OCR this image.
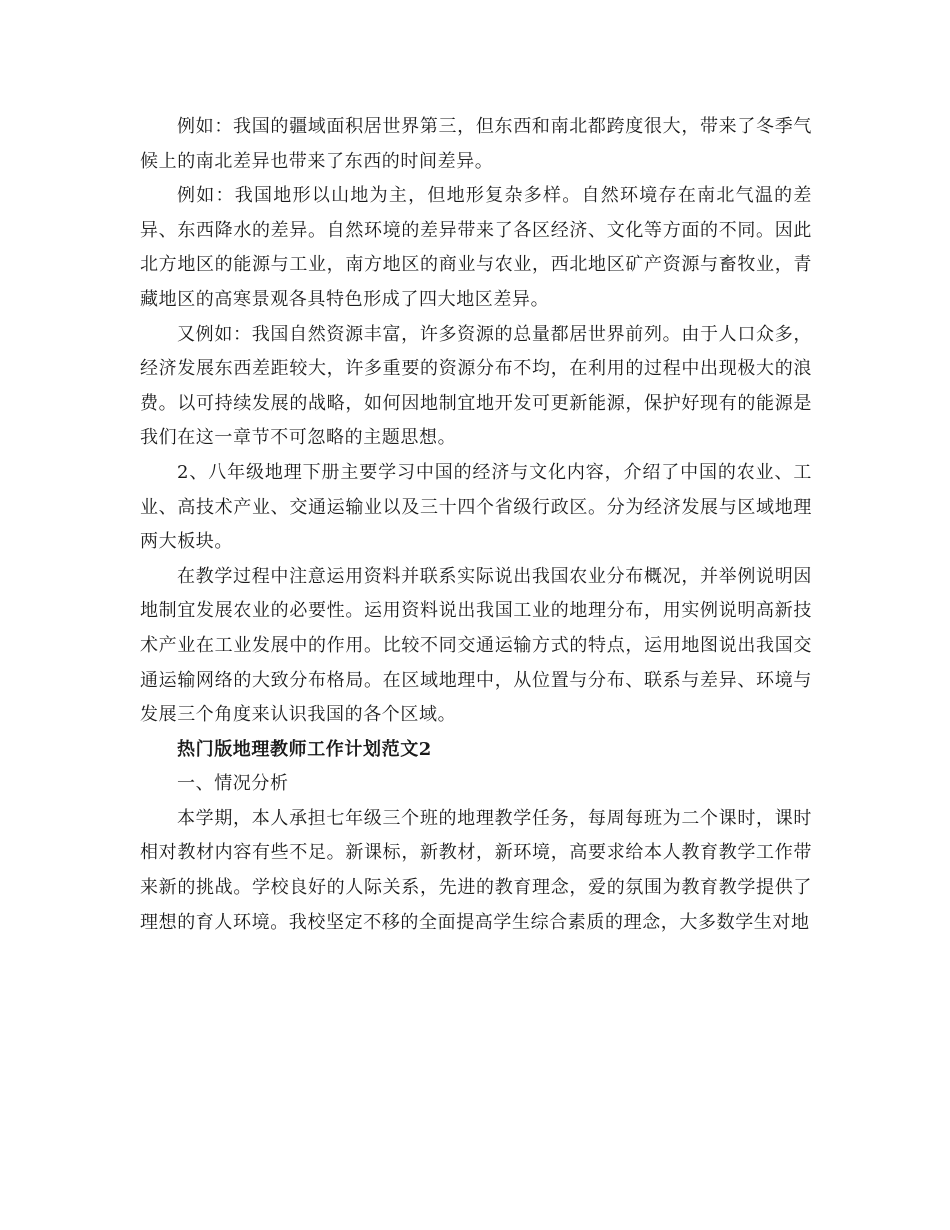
例如：我国的疆域面积居世界第三，但东西和南北都跨度很大，带来了冬季气候上的南北差异也带来了东西的时间差异。

例如：我国地形以山地为主，但地形复杂多样。自然环境存在南北气温的差异、东西降水的差异。自然环境的差异带来了各区经济、文化等方面的不同。因此北方地区的能源与工业，南方地区的商业与农业，西北地区矿产资源与畜牧业，青藏地区的高寒景观各具特色形成了四大地区差异。

又例如：我国自然资源丰富，许多资源的总量都居世界前列。由于人口众多，经济发展东西差距较大，许多重要的资源分布不均，在利用的过程中出现极大的浪费。以可持续发展的战略，如何因地制宜地开发可更新能源，保护好现有的能源是我们在这一章节不可忽略的主题思想。

2、八年级地理下册主要学习中国的经济与文化内容，介绍了中国的农业、工业、高技术产业、交通运输业以及三十四个省级行政区。分为经济发展与区域地理两大板块。

在教学过程中注意运用资料并联系实际说出我国农业分布概况，并举例说明因地制宜发展农业的必要性。运用资料说出我国工业的地理分布，用实例说明高新技术产业在工业发展中的作用。比较不同交通运输方式的特点，运用地图说出我国交通运输网络的大致分布格局。在区域地理中，从位置与分布、联系与差异、环境与发展三个角度来认识我国的各个区域。

热门版地理教师工作计划范文2

一、情况分析

本学期，本人承担七年级三个班的地理教学任务，每周每班为二个课时，课时相对教材内容有些不足。新课标，新教材，新环境，高要求给本人教育教学工作带来新的挑战。学校良好的人际关系，先进的教育理念，爱的氛围为教育教学提供了理想的育人环境。我校坚定不移的全面提高学生综合素质的理念，大多数学生对地
